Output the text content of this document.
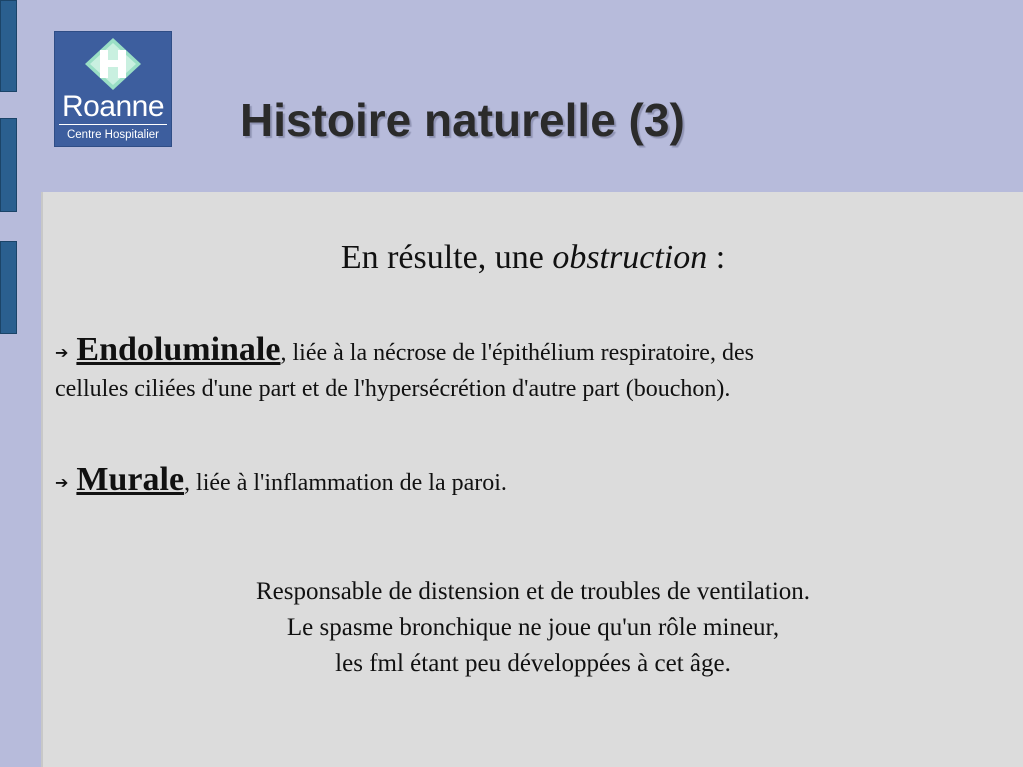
Roanne
Centre Hospitalier Histoire naturelle (3)
En résulte, une obstruction :
➔ Endoluminale, liée à la nécrose de l'épithélium respiratoire, des
cellules ciliées d'une part et de l'hypersécrétion d'autre part (bouchon).
➔ Murale, liée à l'inflammation de la paroi.
Responsable de distension et de troubles de ventilation.
Le spasme bronchique ne joue qu'un rôle mineur,
les fml étant peu développées à cet âge.
